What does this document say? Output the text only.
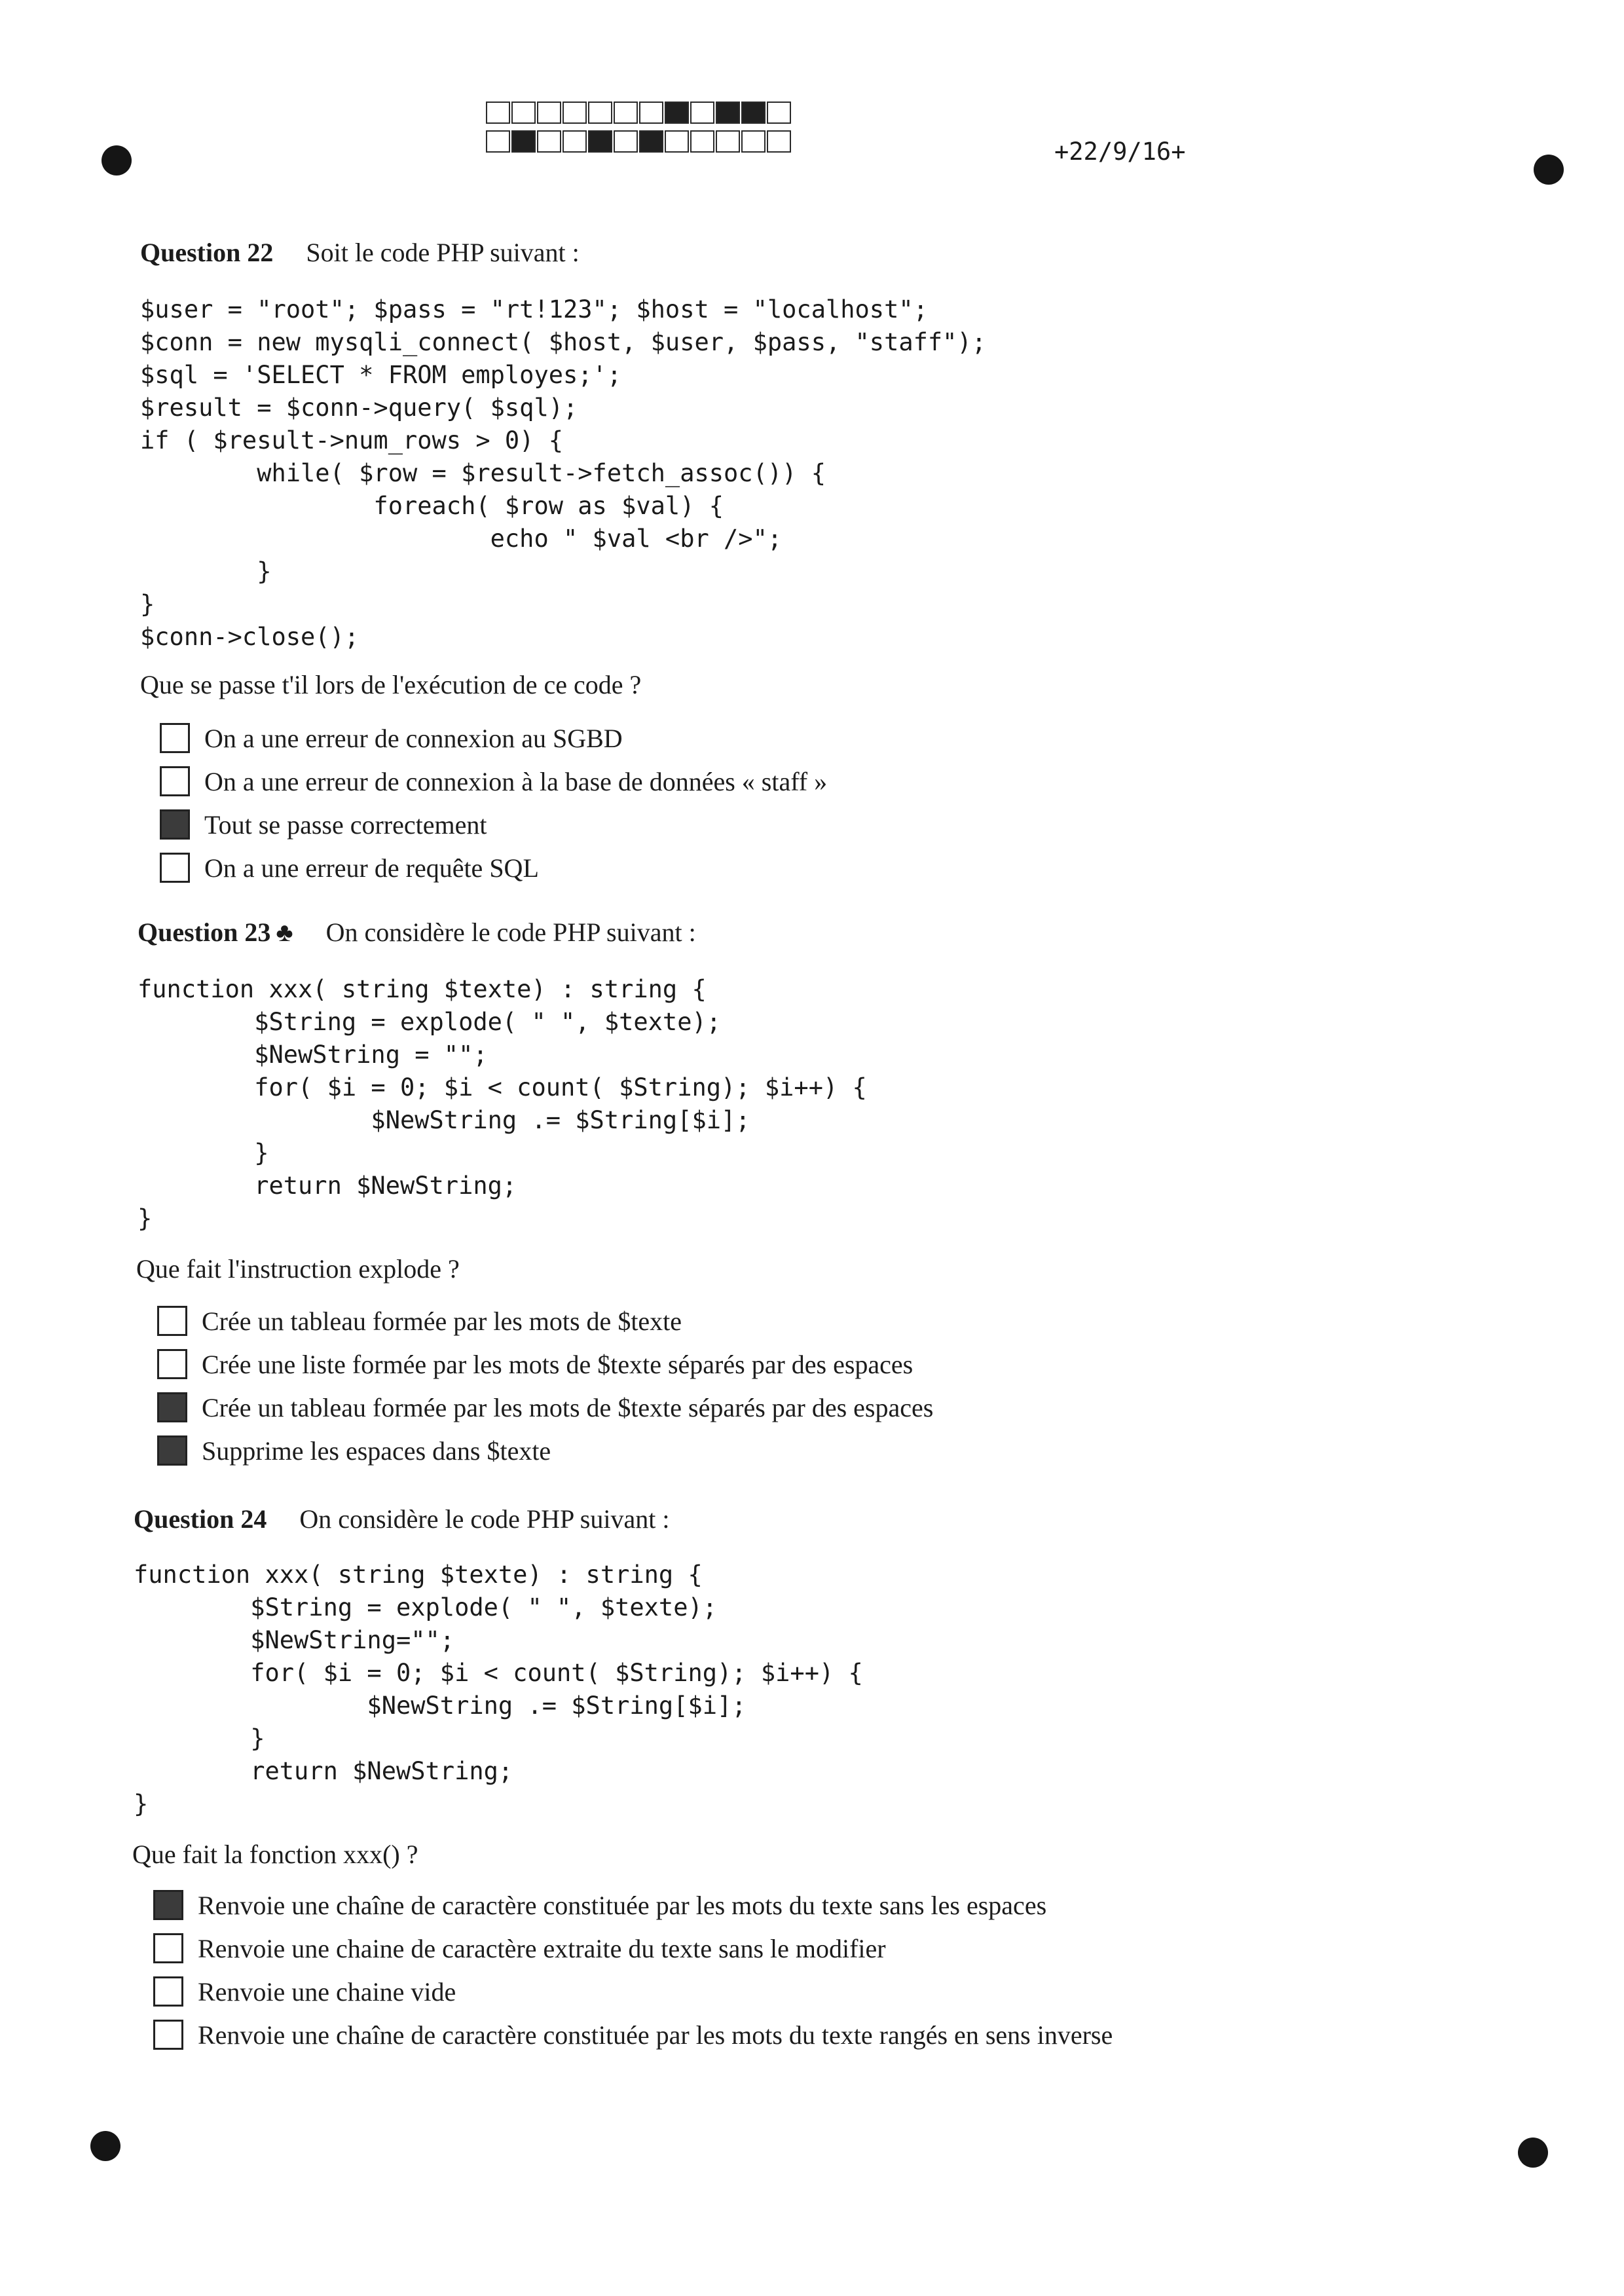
+22/9/16+
Question 22 Soit le code PHP suivant :
$user = "root"; $pass = "rt!123"; $host = "localhost";
$conn = new mysqli_connect( $host, $user, $pass, "staff");
$sql = 'SELECT * FROM employes;';
$result = $conn->query( $sql);
if ( $result->num_rows > 0) {
while( $row = $result->fetch_assoc()) {
foreach( $row as $val) {
echo " $val <br />";
}
}
$conn->close();
Que se passe t'il lors de l'exécution de ce code ?
On a une erreur de connexion au SGBD
On a une erreur de connexion à la base de données « staff »
Tout se passe correctement
On a une erreur de requête SQL
Question 23 ♣ On considère le code PHP suivant :
function xxx( string $texte) : string {
$String = explode( " ", $texte);
$NewString = "";
for( $i = 0; $i < count( $String); $i++) {
$NewString .= $String[$i];
}
return $NewString;
}
Que fait l'instruction explode ?
Crée un tableau formée par les mots de $texte
Crée une liste formée par les mots de $texte séparés par des espaces
Crée un tableau formée par les mots de $texte séparés par des espaces
Supprime les espaces dans $texte
Question 24 On considère le code PHP suivant :
function xxx( string $texte) : string {
$String = explode( " ", $texte);
$NewString="";
for( $i = 0; $i < count( $String); $i++) {
$NewString .= $String[$i];
}
return $NewString;
}
Que fait la fonction xxx() ?
Renvoie une chaîne de caractère constituée par les mots du texte sans les espaces
Renvoie une chaine de caractère extraite du texte sans le modifier
Renvoie une chaine vide
Renvoie une chaîne de caractère constituée par les mots du texte rangés en sens inverse
